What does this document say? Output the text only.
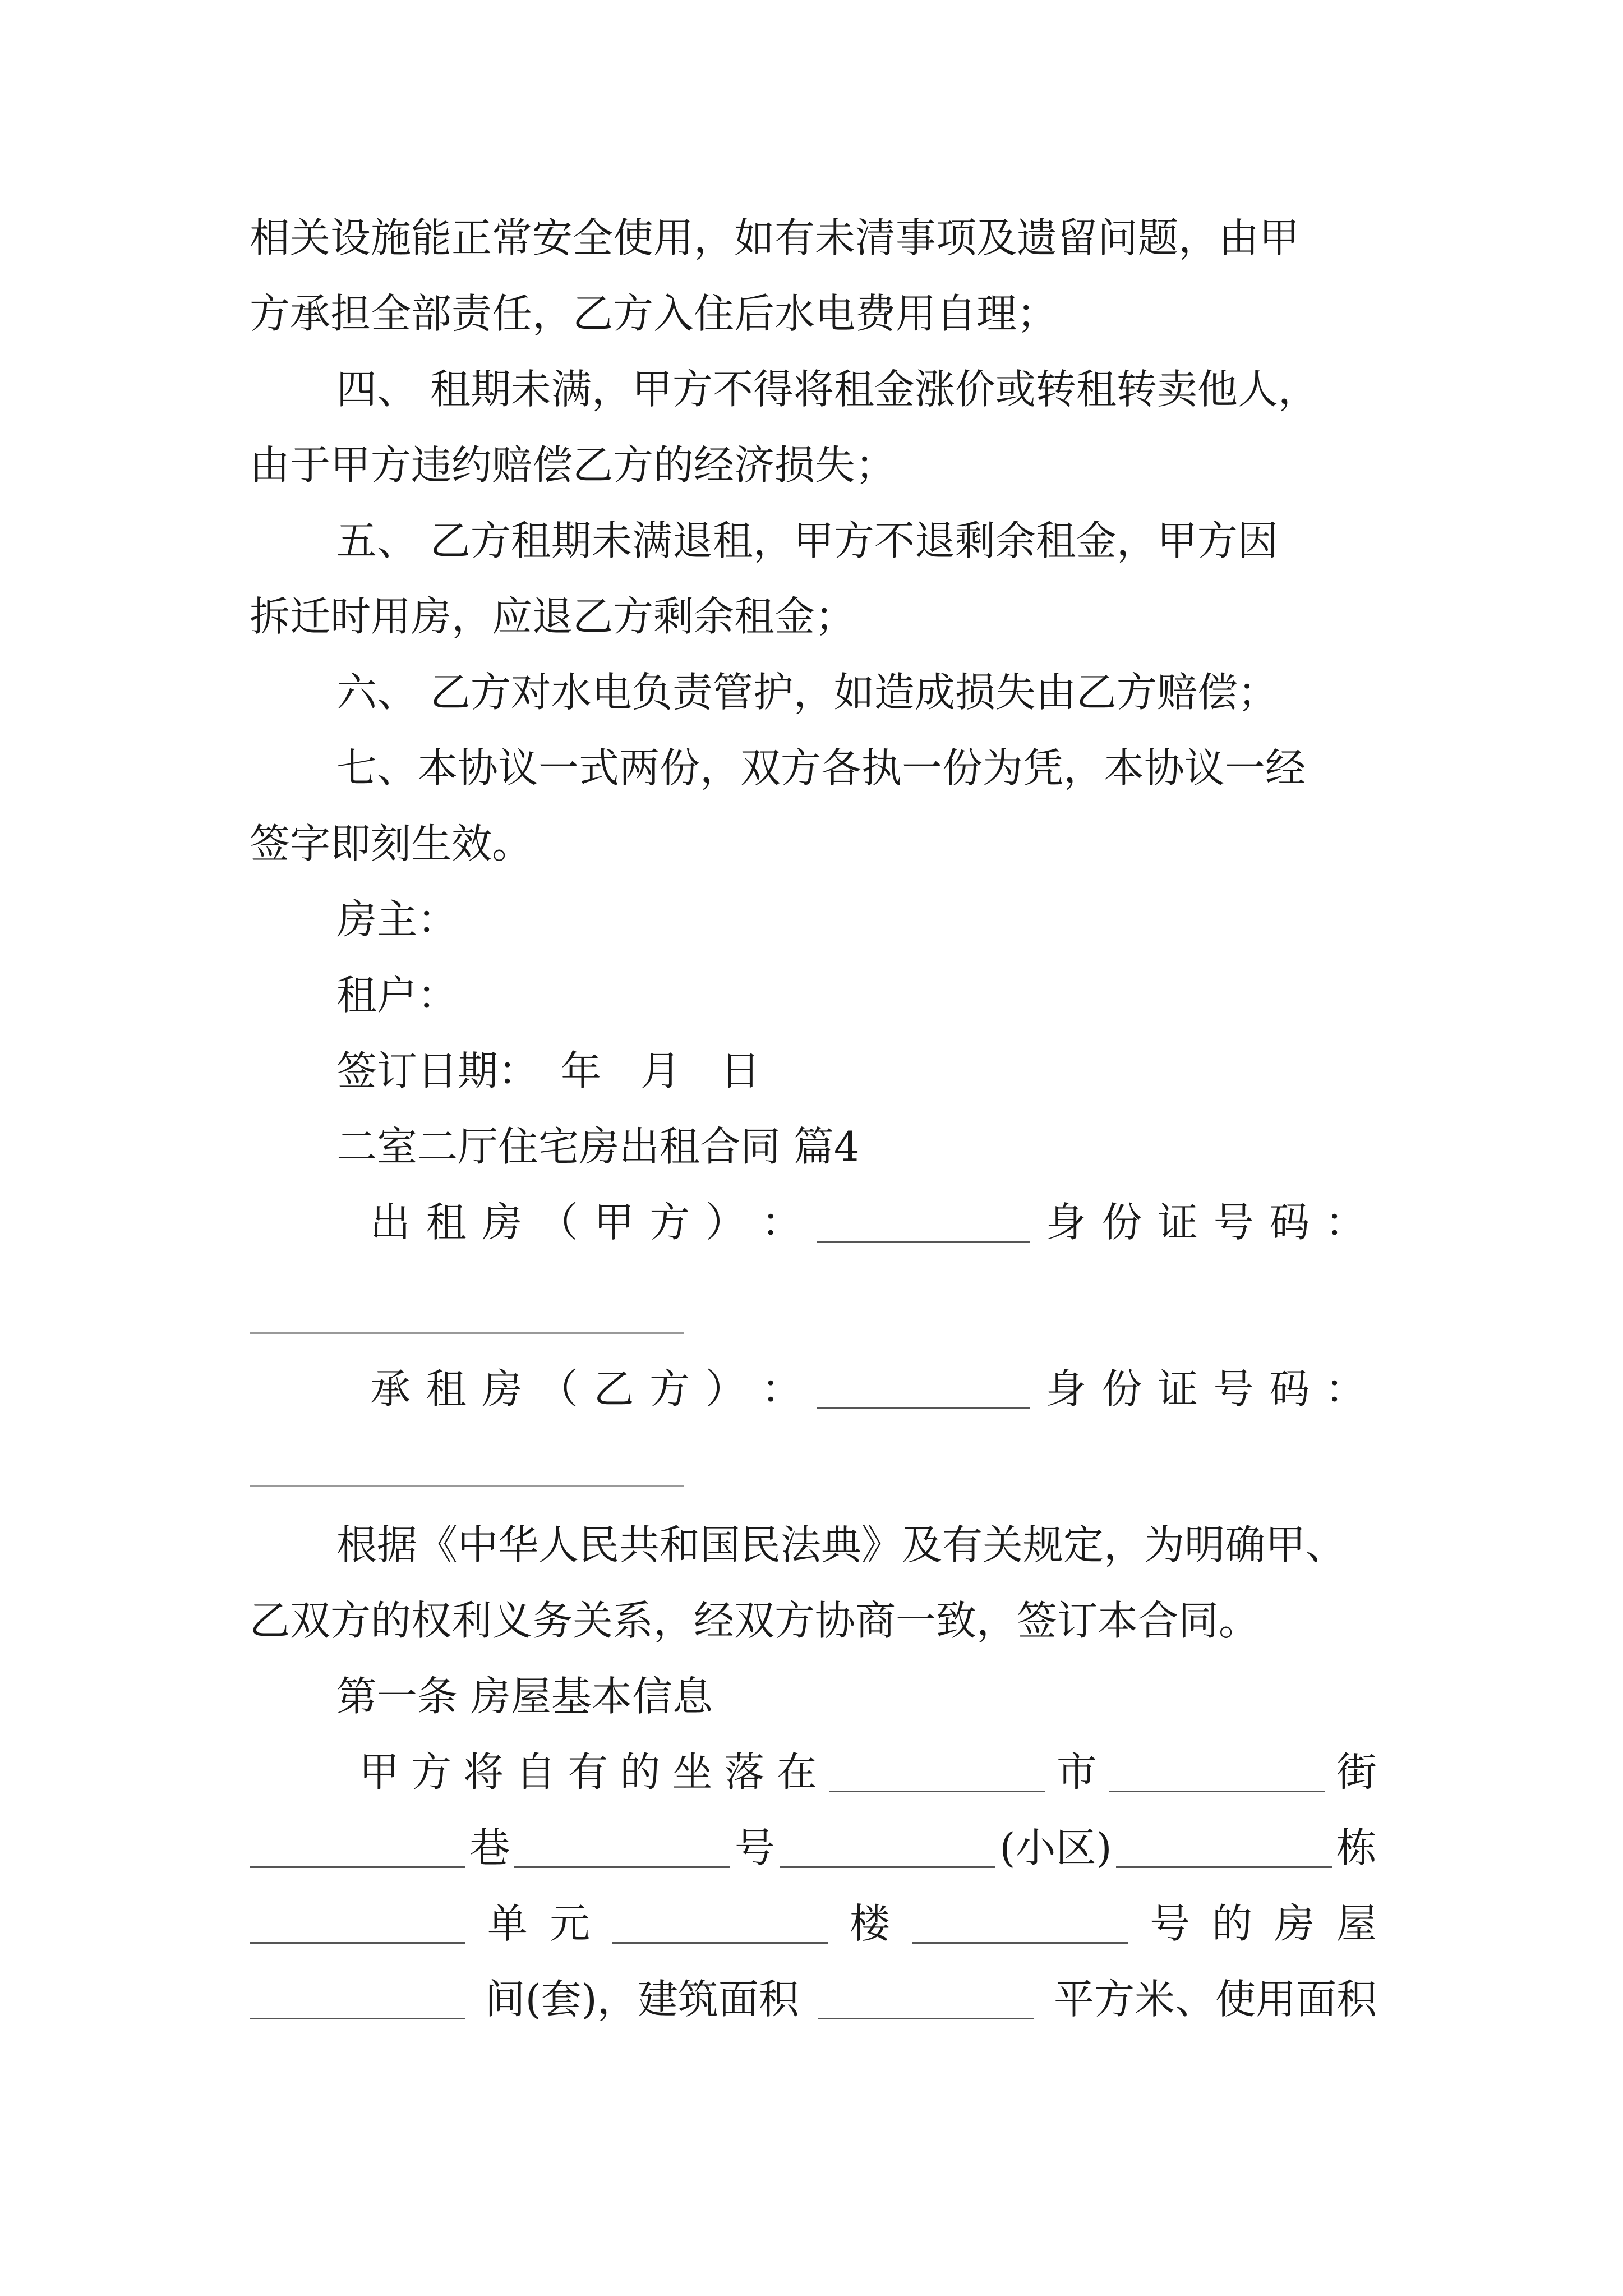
相关设施能正常安全使用，如有未清事项及遗留问题，由甲

方承担全部责任，乙方入住后水电费用自理；

四、 租期未满，甲方不得将租金涨价或转租转卖他人，

由于甲方违约赔偿乙方的经济损失；

五、 乙方租期未满退租，甲方不退剩余租金，甲方因

拆迁时用房，应退乙方剩余租金；

六、 乙方对水电负责管护，如造成损失由乙方赔偿；

七、本协议一式两份，双方各执一份为凭，本协议一经

签字即刻生效。

房主：

租户：

签订日期： 年 月 日

二室二厅住宅房出租合同 篇4

出 租 房 （ 甲 方 ） ：	身 份 证 号 码 ：
承 租 房 （ 乙 方 ） ：	身 份 证 号 码 ：

根据《中华人民共和国民法典》及有关规定，为明确甲、

乙双方的权利义务关系，经双方协商一致，签订本合同。

第一条 房屋基本信息

甲 方 将 自 有 的 坐 落 在	市	街
巷	号	(小区)	栋
单 元	楼	号 的 房 屋
间(套)，建筑面积	平方米、使用面积
